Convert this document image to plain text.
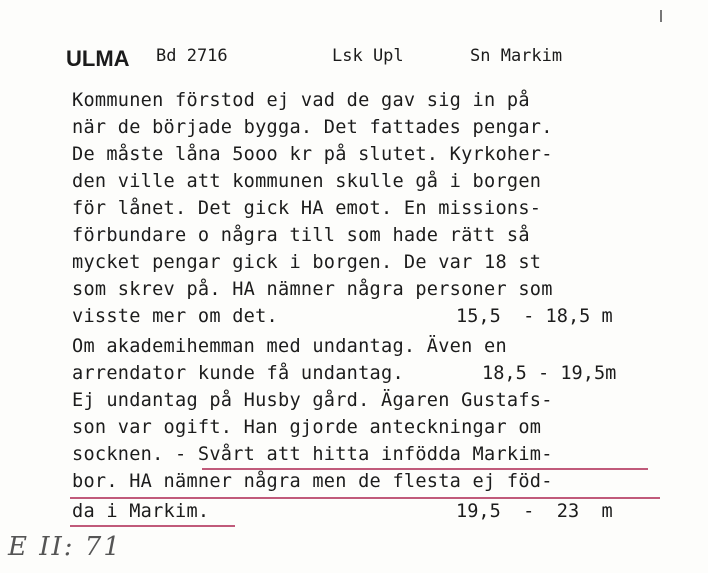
ULMA Bd 2716	Lsk Upl	Sn Markim
Kommunen förstod ej vad de gav sig in på
när de började bygga. Det fattades pengar.
De måste låna 5ooo kr på slutet. Kyrkoher-
den ville att kommunen skulle gå i borgen
för lånet. Det gick HA emot. En missions-
förbundare o några till som hade rätt så
mycket pengar gick i borgen. De var 18 st
som skrev på. HA nämner några personer som
visste mer om det.	15,5  - 18,5 m
Om akademihemman med undantag. Även en
arrendator kunde få undantag.	18,5 - 19,5m
Ej undantag på Husby gård. Ägaren Gustafs-
son var ogift. Han gjorde anteckningar om
socknen. - Svårt att hitta infödda Markim-
bor. HA nämner några men de flesta ej föd-
da i Markim.	19,5  -  23  m
E II: 71
